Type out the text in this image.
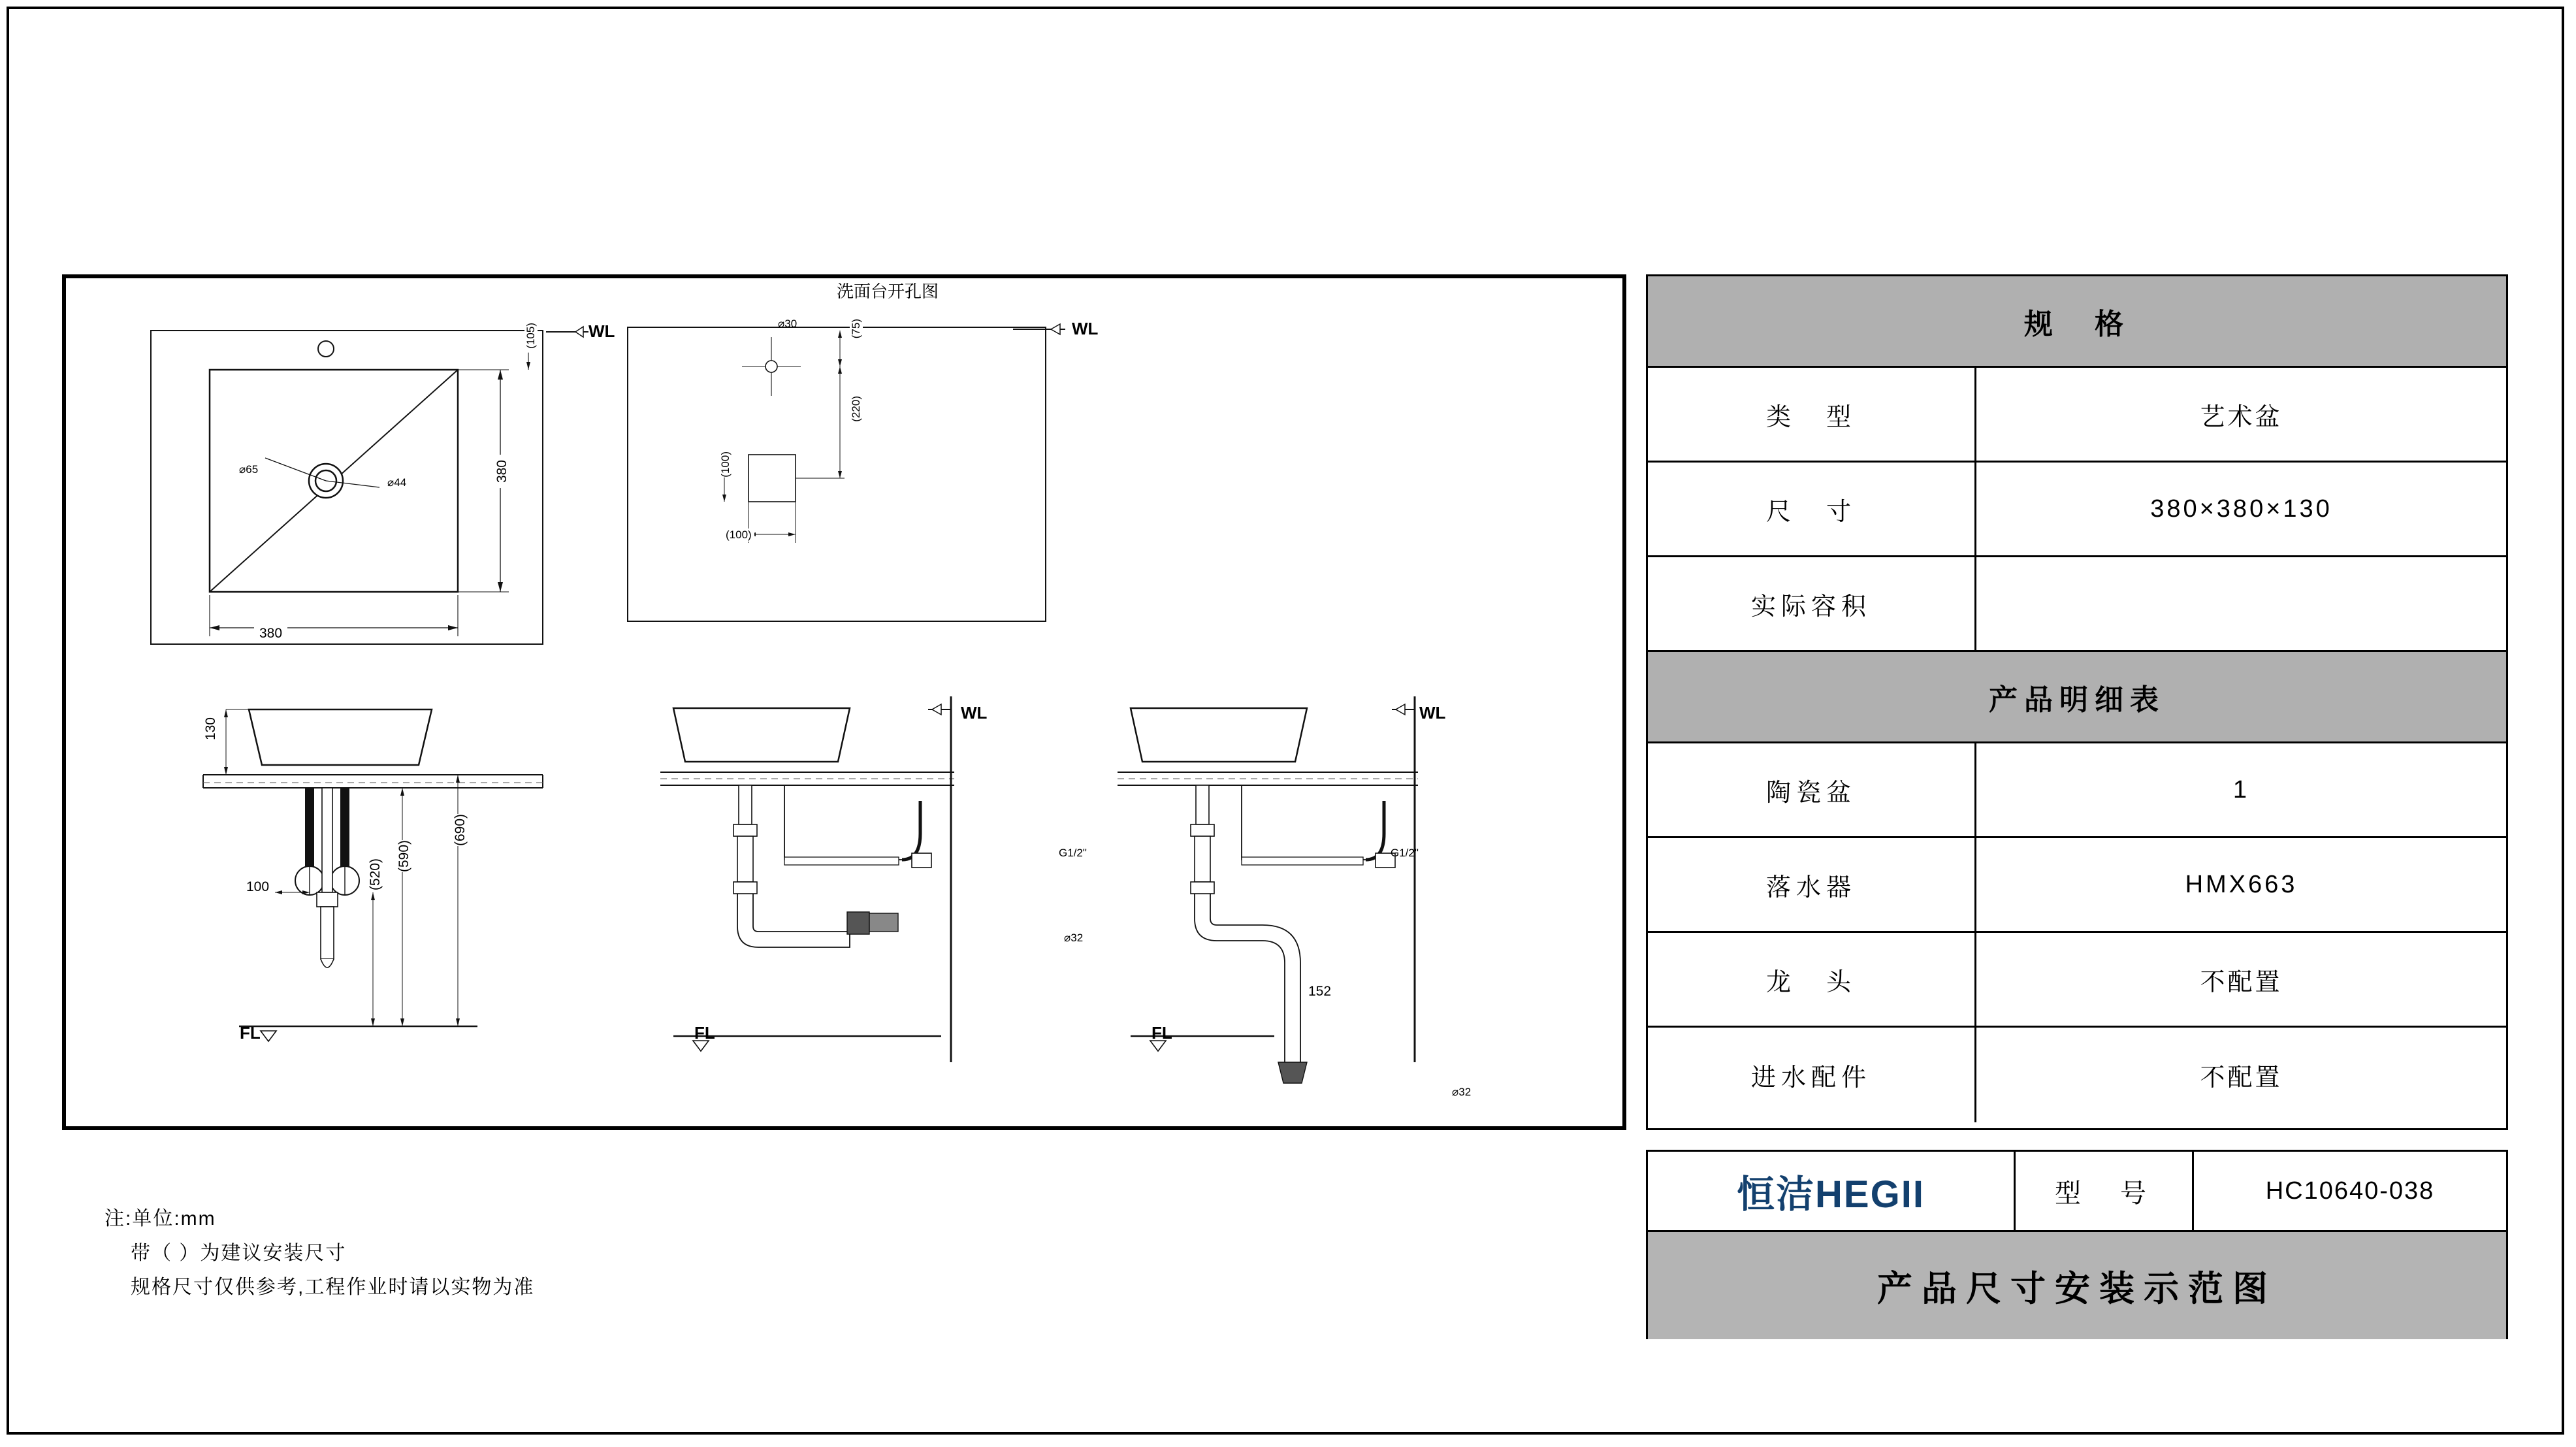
⌀65
⌀44
380
380
(105)	WL
洗面台开孔图
⌀30	(75)
(220)
(100)
(100)
WL
130
(690)
(590)
(520)
100
FL
G1/2"
⌀32
WL
FL
G1/2"
⌀32
152
WL
FL
规　格
类　型	艺术盆
尺　寸	380×380×130
实际容积
产品明细表
陶瓷盆	1
落水器	HMX663
龙　头	不配置
进水配件	不配置
恒洁HEGII	型　号	HC10640-038
产品尺寸安装示范图
注:单位:mm
带（ ）为建议安装尺寸
规格尺寸仅供参考,工程作业时请以实物为准
